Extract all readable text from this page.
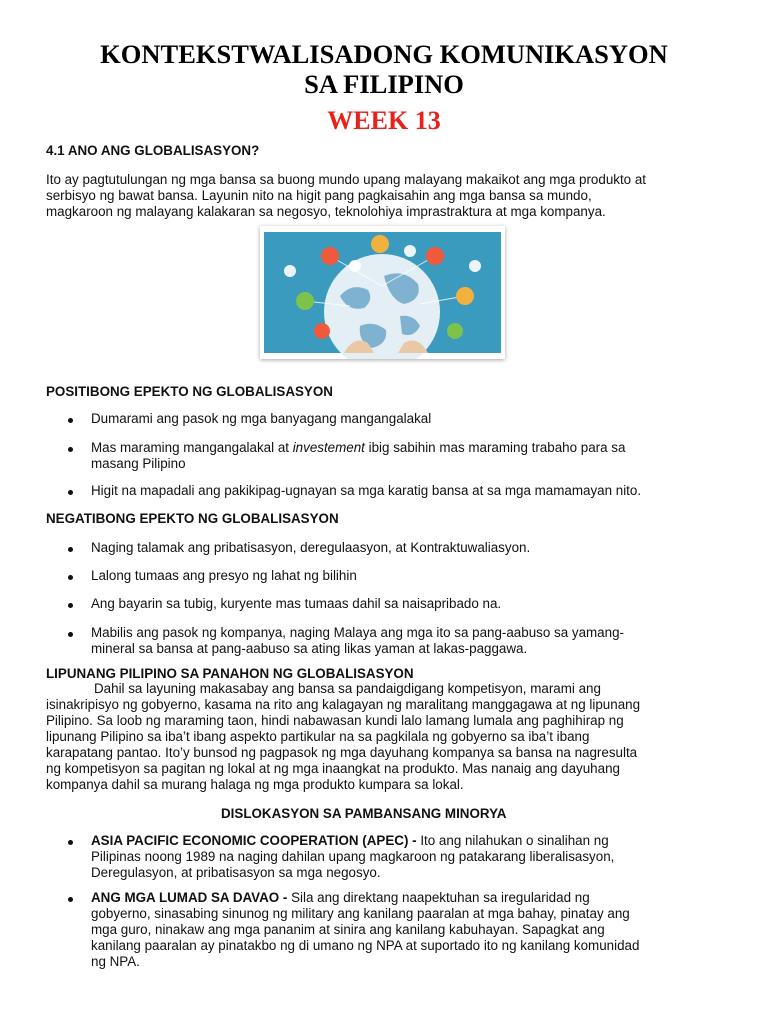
KONTEKSTWALISADONG KOMUNIKASYON
SA FILIPINO
WEEK 13
4.1 ANO ANG GLOBALISASYON?
Ito ay pagtutulungan ng mga bansa sa buong mundo upang malayang makaikot ang mga produkto at
serbisyo ng bawat bansa. Layunin nito na higit pang pagkaisahin ang mga bansa sa mundo,
magkaroon ng malayang kalakaran sa negosyo, teknolohiya imprastraktura at mga kompanya.
POSITIBONG EPEKTO NG GLOBALISASYON
Dumarami ang pasok ng mga banyagang mangangalakal
Mas maraming mangangalakal at investement ibig sabihin mas maraming trabaho para sa
masang Pilipino
Higit na mapadali ang pakikipag-ugnayan sa mga karatig bansa at sa mga mamamayan nito.
NEGATIBONG EPEKTO NG GLOBALISASYON
Naging talamak ang pribatisasyon, deregulaasyon, at Kontraktuwaliasyon.
Lalong tumaas ang presyo ng lahat ng bilihin
Ang bayarin sa tubig, kuryente mas tumaas dahil sa naisapribado na.
Mabilis ang pasok ng kompanya, naging Malaya ang mga ito sa pang-aabuso sa yamang-
mineral sa bansa at pang-aabuso sa ating likas yaman at lakas-paggawa.
LIPUNANG PILIPINO SA PANAHON NG GLOBALISASYON
Dahil sa layuning makasabay ang bansa sa pandaigdigang kompetisyon, marami ang
isinakripisyo ng gobyerno, kasama na rito ang kalagayan ng maralitang manggagawa at ng lipunang
Pilipino. Sa loob ng maraming taon, hindi nabawasan kundi lalo lamang lumala ang paghihirap ng
lipunang Pilipino sa iba’t ibang aspekto partikular na sa pagkilala ng gobyerno sa iba’t ibang
karapatang pantao. Ito’y bunsod ng pagpasok ng mga dayuhang kompanya sa bansa na nagresulta
ng kompetisyon sa pagitan ng lokal at ng mga inaangkat na produkto. Mas nanaig ang dayuhang
kompanya dahil sa murang halaga ng mga produkto kumpara sa lokal.
DISLOKASYON SA PAMBANSANG MINORYA
ASIA PACIFIC ECONOMIC COOPERATION (APEC) - Ito ang nilahukan o sinalihan ng
Pilipinas noong 1989 na naging dahilan upang magkaroon ng patakarang liberalisasyon,
Deregulasyon, at pribatisasyon sa mga negosyo.
ANG MGA LUMAD SA DAVAO - Sila ang direktang naapektuhan sa iregularidad ng
gobyerno, sinasabing sinunog ng military ang kanilang paaralan at mga bahay, pinatay ang
mga guro, ninakaw ang mga pananim at sinira ang kanilang kabuhayan. Sapagkat ang
kanilang paaralan ay pinatakbo ng di umano ng NPA at suportado ito ng kanilang komunidad
ng NPA.
